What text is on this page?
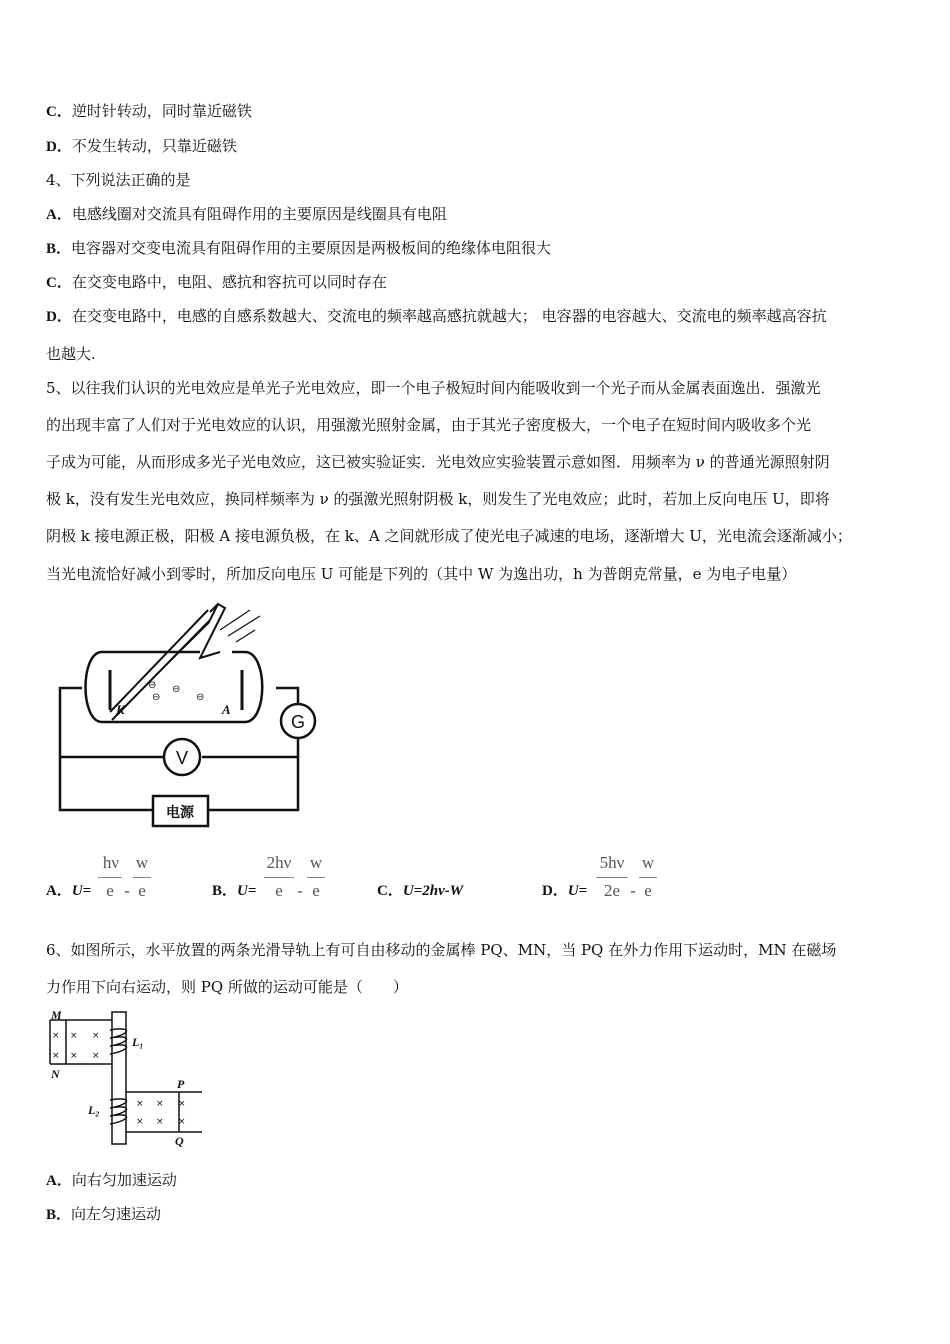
C．逆时针转动，同时靠近磁铁
D．不发生转动，只靠近磁铁
4、下列说法正确的是
A．电感线圈对交流具有阻碍作用的主要原因是线圈具有电阻
B．电容器对交变电流具有阻碍作用的主要原因是两极板间的绝缘体电阻很大
C．在交变电路中，电阻、感抗和容抗可以同时存在
D．在交变电路中，电感的自感系数越大、交流电的频率越高感抗就越大； 电容器的电容越大、交流电的频率越高容抗
也越大.
5、以往我们认识的光电效应是单光子光电效应，即一个电子极短时间内能吸收到一个光子而从金属表面逸出．强激光
的出现丰富了人们对于光电效应的认识，用强激光照射金属，由于其光子密度极大，一个电子在短时间内吸收多个光
子成为可能，从而形成多光子光电效应，这已被实验证实．光电效应实验装置示意如图．用频率为 ν 的普通光源照射阴
极 k，没有发生光电效应，换同样频率为 ν 的强激光照射阴极 k，则发生了光电效应；此时，若加上反向电压 U，即将
阴极 k 接电源正极，阳极 A 接电源负极，在 k、A 之间就形成了使光电子减速的电场，逐渐增大 U，光电流会逐渐减小；
当光电流恰好减小到零时，所加反向电压 U 可能是下列的（其中 W 为逸出功，h 为普朗克常量，e 为电子电量）
⊖ ⊖
⊖	⊖
K	A
G
V
电源
A．U=
hν
e -
w
e	B．U=
2hν
e -
w
e	C．U=2hν-W	D．U=
5hν
2e -
w
e
6、如图所示，水平放置的两条光滑导轨上有可自由移动的金属棒 PQ、MN，当 PQ 在外力作用下运动时，MN 在磁场
力作用下向右运动，则 PQ 所做的运动可能是（　　）
× × ×
× × ×
× × ×
× × ×
M
N
L₁
L₂
P
Q
A．向右匀加速运动
B．向左匀速运动
